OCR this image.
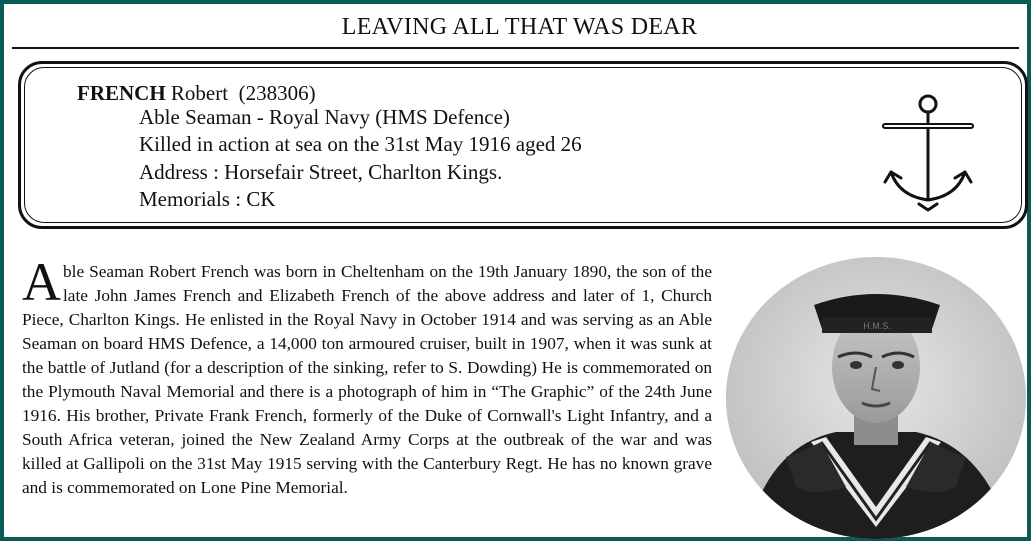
LEAVING ALL THAT WAS DEAR
FRENCH Robert (238306)
Able Seaman - Royal Navy (HMS Defence)
Killed in action at sea on the 31st May 1916 aged 26
Address : Horsefair Street, Charlton Kings.
Memorials : CK
Able Seaman Robert French was born in Cheltenham on the 19th January 1890, the son of the late John James French and Elizabeth French of the above address and later of 1, Church Piece, Charlton Kings. He enlisted in the Royal Navy in October 1914 and was serving as an Able Seaman on board HMS Defence, a 14,000 ton armoured cruiser, built in 1907, when it was sunk at the battle of Jutland (for a description of the sinking, refer to S. Dowding) He is commemorated on the Plymouth Naval Memorial and there is a photograph of him in “The Graphic” of the 24th June 1916. His brother, Private Frank French, formerly of the Duke of Cornwall's Light Infantry, and a South Africa veteran, joined the New Zealand Army Corps at the outbreak of the war and was killed at Gallipoli on the 31st May 1915 serving with the Canterbury Regt. He has no known grave and is commemorated on Lone Pine Memorial.
H.M.S.
